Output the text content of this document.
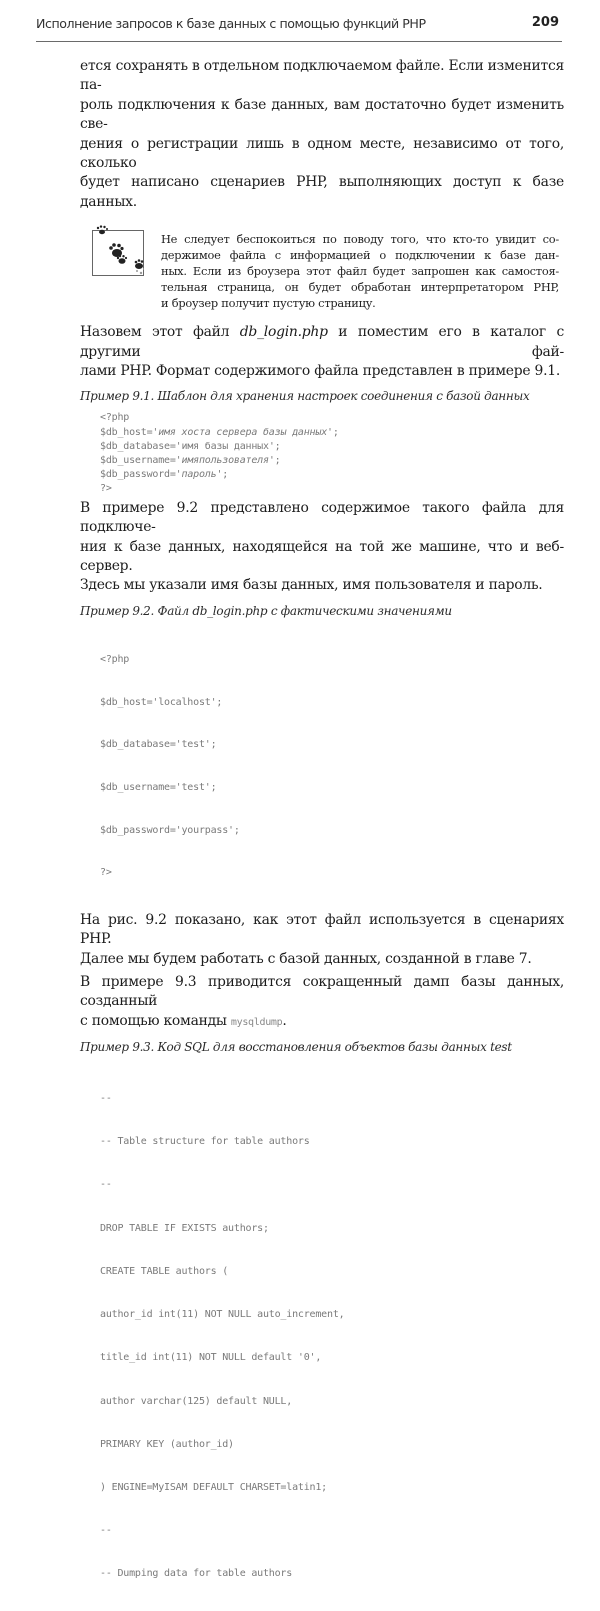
Исполнение запросов к базе данных с помощью функций PHP	209
ется сохранять в отдельном подключаемом файле. Если изменится па-
роль подключения к базе данных, вам достаточно будет изменить све-
дения о регистрации лишь в одном месте, независимо от того, сколько
будет написано сценариев PHP, выполняющих доступ к базе данных.
Не следует беспокоиться по поводу того, что кто-то увидит со-
держимое файла с информацией о подключении к базе дан-
ных. Если из броузера этот файл будет запрошен как самостоя-
тельная страница, он будет обработан интерпретатором PHP,
и броузер получит пустую страницу.
Назовем этот файл db_login.php и поместим его в каталог с другими фай-
лами PHP. Формат содержимого файла представлен в примере 9.1.
Пример 9.1. Шаблон для хранения настроек соединения с базой данных
<?php
$db_host='имя хоста сервера базы данных';
$db_database='имя базы данных';
$db_username='имяпользователя';
$db_password='пароль';
?>
В примере 9.2 представлено содержимое такого файла для подключе-
ния к базе данных, находящейся на той же машине, что и веб-сервер.
Здесь мы указали имя базы данных, имя пользователя и пароль.
Пример 9.2. Файл db_login.php с фактическими значениями

<?php

$db_host='localhost';

$db_database='test';

$db_username='test';

$db_password='yourpass';

?>

На рис. 9.2 показано, как этот файл используется в сценариях PHP.
Далее мы будем работать с базой данных, созданной в главе 7.
В примере 9.3 приводится сокращенный дамп базы данных, созданный
с помощью команды mysqldump.
Пример 9.3. Код SQL для восстановления объектов базы данных test

--

-- Table structure for table authors

--

DROP TABLE IF EXISTS authors;

CREATE TABLE authors (

author_id int(11) NOT NULL auto_increment,

title_id int(11) NOT NULL default '0',

author varchar(125) default NULL,

PRIMARY KEY (author_id)

) ENGINE=MyISAM DEFAULT CHARSET=latin1;

--

-- Dumping data for table authors
